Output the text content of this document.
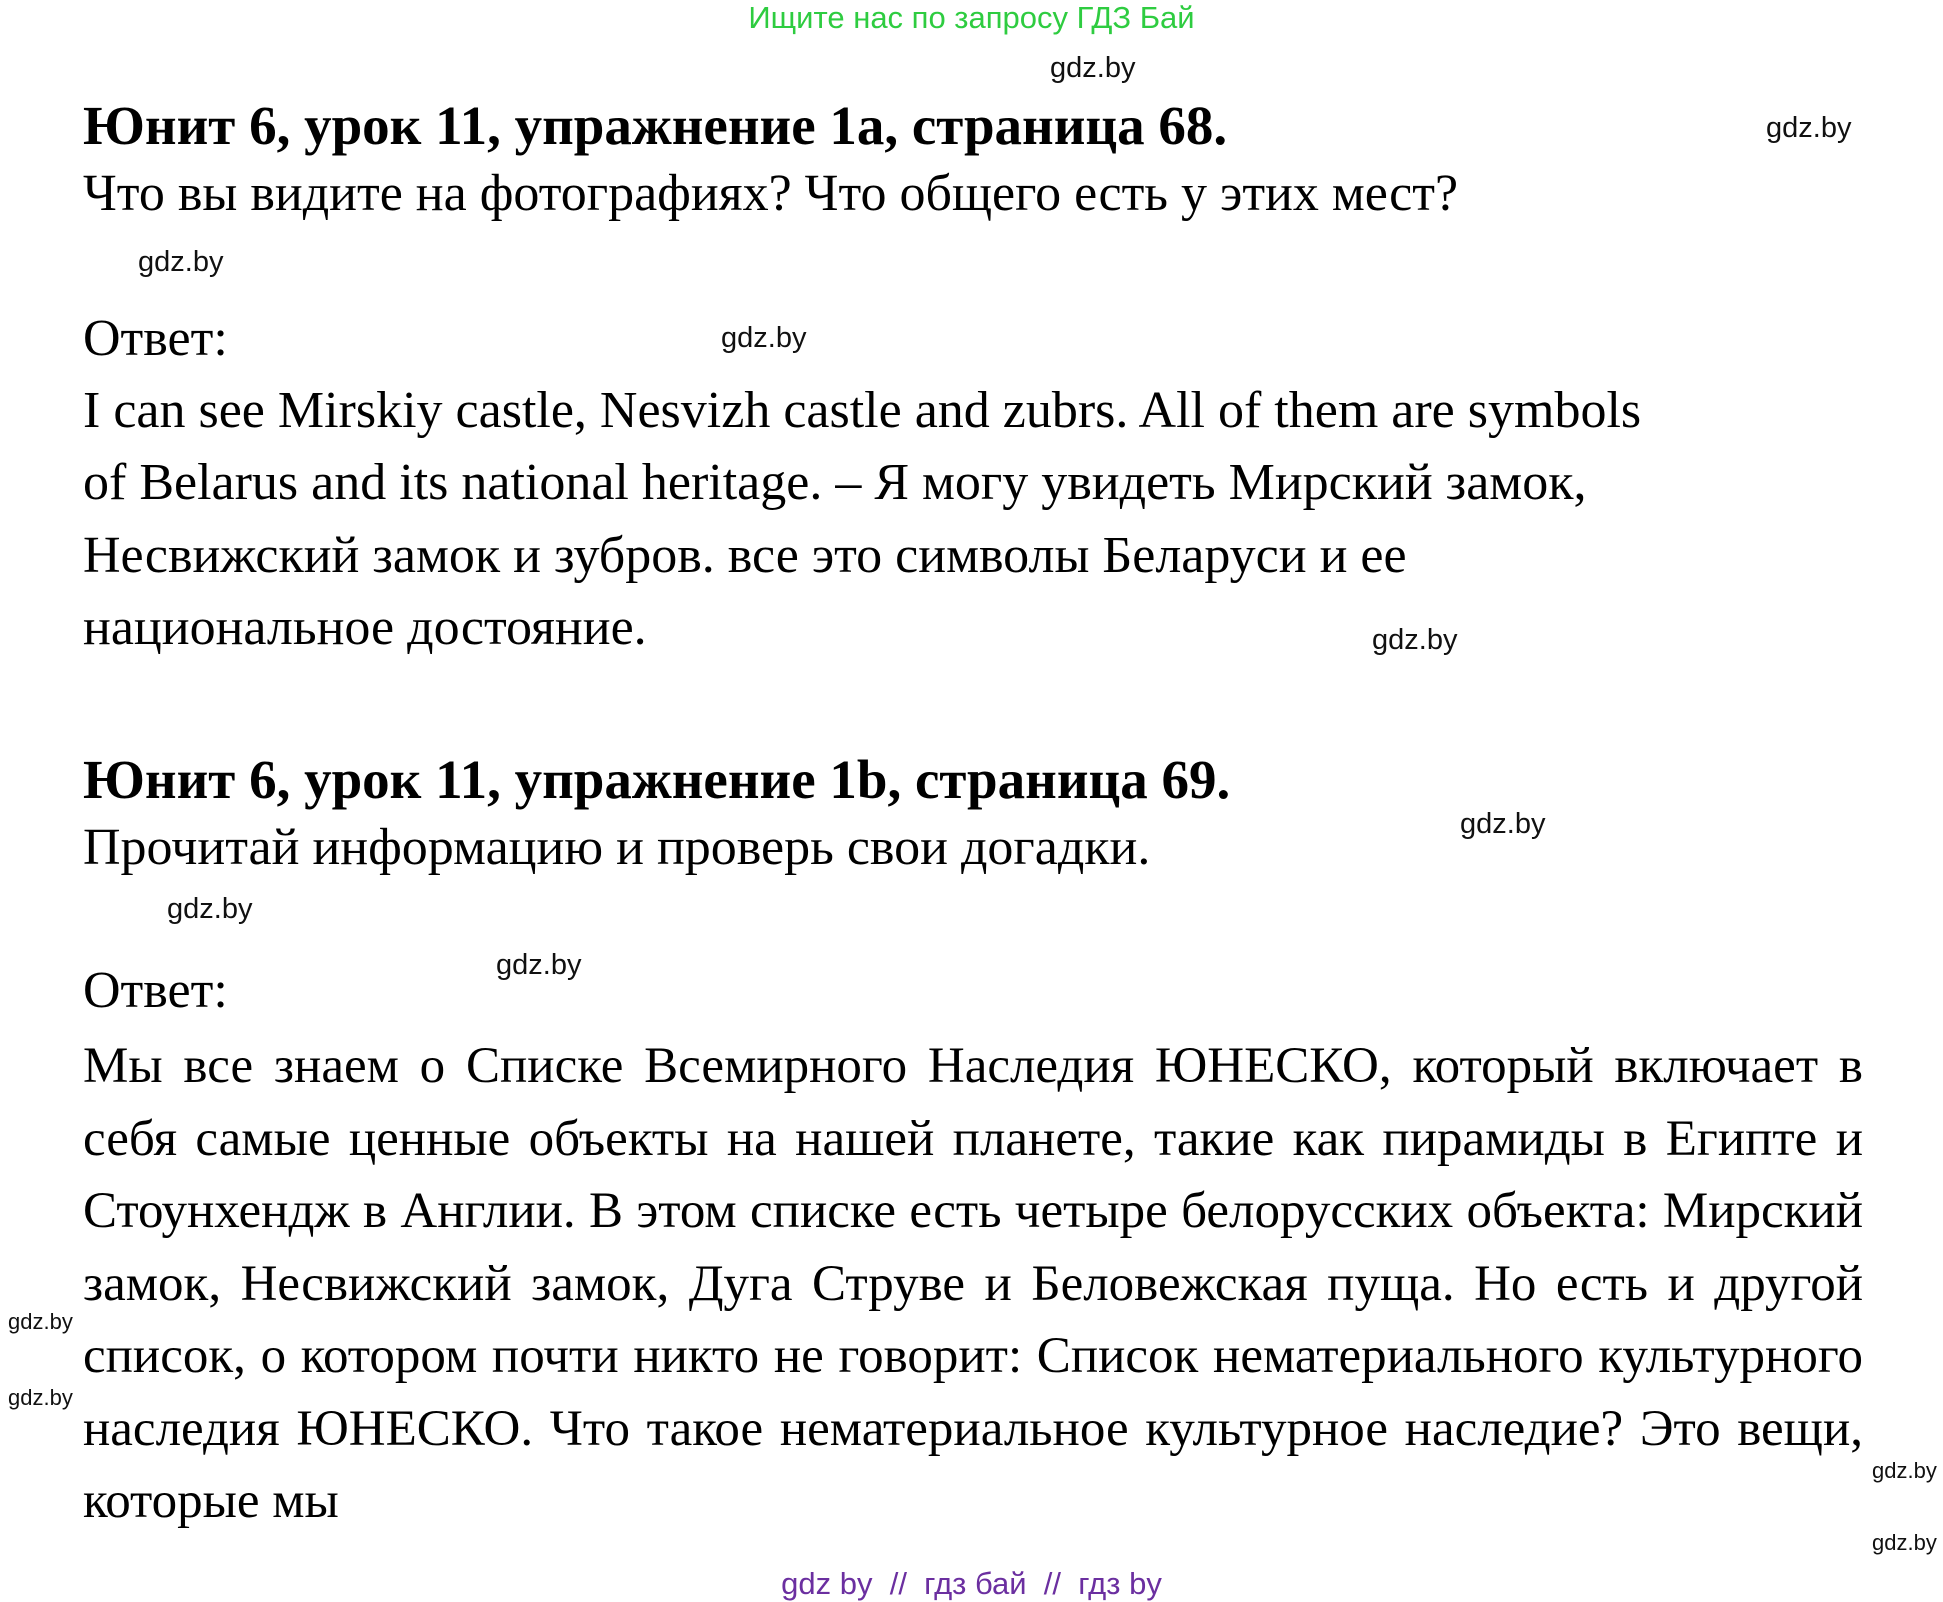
Ищите нас по запросу ГДЗ Бай
Юнит 6, урок 11, упражнение 1a, страница 68.
Что вы видите на фотографиях? Что общего есть у этих мест?
Ответ:
I can see Mirskiy castle, Nesvizh castle and zubrs. All of them are symbols
of Belarus and its national heritage. – Я могу увидеть Мирский замок,
Несвижский замок и зубров. все это символы Беларуси и ее
национальное достояние.
Юнит 6, урок 11, упражнение 1b, страница 69.
Прочитай информацию и проверь свои догадки.
Ответ:
Мы все знаем о Списке Всемирного Наследия ЮНЕСКО, который включает в себя самые ценные объекты на нашей планете, такие как пирамиды в Египте и Стоунхендж в Англии. В этом списке есть четыре белорусских объекта: Мирский замок, Несвижский замок, Дуга Струве и Беловежская пуща. Но есть и другой список, о котором почти никто не говорит: Список нематериального культурного наследия ЮНЕСКО. Что такое нематериальное культурное наследие? Это вещи, которые мы
gdz.by
gdz.by
gdz.by
gdz.by
gdz.by
gdz.by
gdz.by
gdz.by
gdz.by
gdz.by
gdz.by
gdz.by
gdz by  //  гдз бай  //  гдз by
